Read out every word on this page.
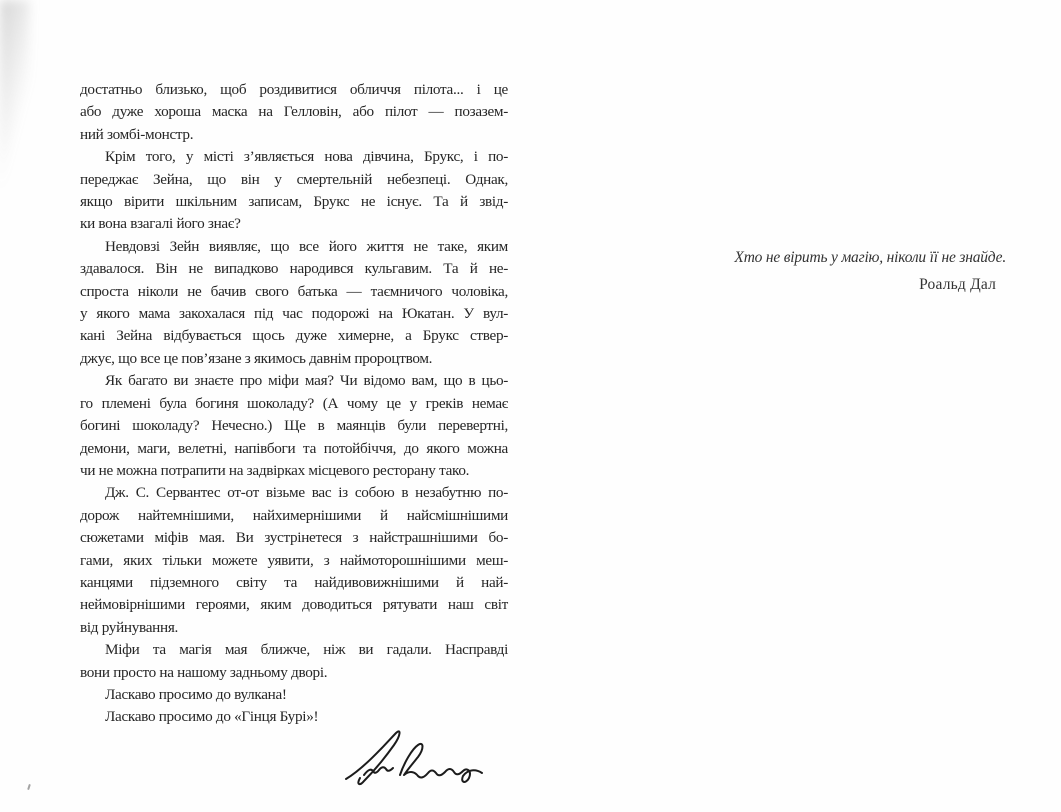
достатньо близько, щоб роздивитися обличчя пілота... і це
або дуже хороша маска на Гелловін, або пілот — позазем-
ний зомбі-монстр.
Крім того, у місті з’являється нова дівчина, Брукс, і по-
переджає Зейна, що він у смертельній небезпеці. Однак,
якщо вірити шкільним записам, Брукс не існує. Та й звід-
ки вона взагалі його знає?
Невдовзі Зейн виявляє, що все його життя не таке, яким
здавалося. Він не випадково народився кульгавим. Та й не-
спроста ніколи не бачив свого батька — таємничого чоловіка,
у якого мама закохалася під час подорожі на Юкатан. У вул-
кані Зейна відбувається щось дуже химерне, а Брукс ствер-
джує, що все це пов’язане з якимось давнім пророцтвом.
Як багато ви знаєте про міфи мая? Чи відомо вам, що в цьо-
го племені була богиня шоколаду? (А чому це у греків немає
богині шоколаду? Нечесно.) Ще в маянців були перевертні,
демони, маги, велетні, напівбоги та потойбіччя, до якого можна
чи не можна потрапити на задвірках місцевого ресторану тако.
Дж. С. Сервантес от-от візьме вас із собою в незабутню по-
дорож найтемнішими, найхимернішими й найсмішнішими
сюжетами міфів мая. Ви зустрінетеся з найстрашнішими бо-
гами, яких тільки можете уявити, з наймоторошнішими меш-
канцями підземного світу та найдивовижнішими й най-
неймовірнішими героями, яким доводиться рятувати наш світ
від руйнування.
Міфи та магія мая ближче, ніж ви гадали. Насправді
вони просто на нашому задньому дворі.
Ласкаво просимо до вулкана!
Ласкаво просимо до «Гінця Бурі»!
Хто не вірить у магію, ніколи її не знайде.
Роальд Дал
